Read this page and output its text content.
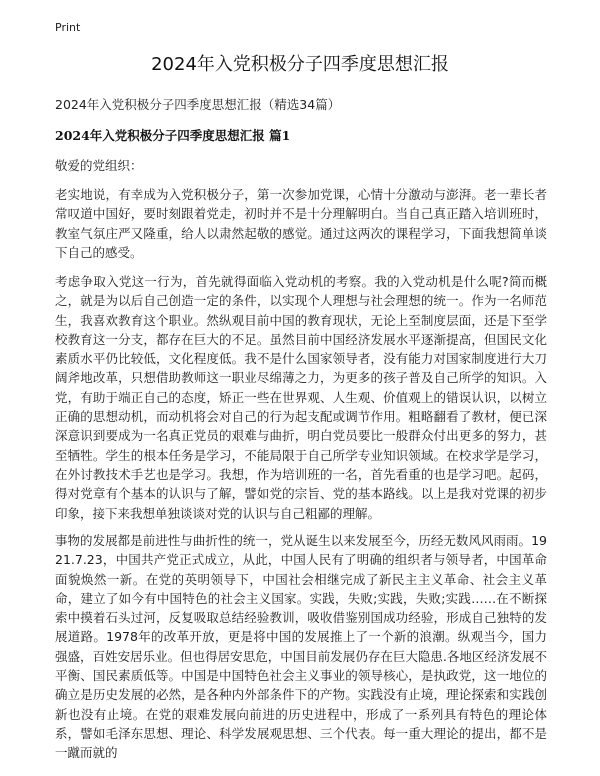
Print
2024年入党积极分子四季度思想汇报
2024年入党积极分子四季度思想汇报（精选34篇）
2024年入党积极分子四季度思想汇报 篇1
敬爱的党组织：
老实地说，有幸成为入党积极分子，第一次参加党课，心情十分激动与澎湃。老一辈长者常叹道中国好，要时刻跟着党走，初时并不是十分理解明白。当自己真正踏入培训班时，教室气氛庄严又隆重，给人以肃然起敬的感觉。通过这两次的课程学习，下面我想简单谈下自己的感受。
考虑争取入党这一行为，首先就得面临入党动机的考察。我的入党动机是什么呢?简而概之，就是为以后自己创造一定的条件，以实现个人理想与社会理想的统一。作为一名师范生，我喜欢教育这个职业。然纵观目前中国的教育现状，无论上至制度层面，还是下至学校教育这一分支，都存在巨大的不足。虽然目前中国经济发展水平逐渐提高，但国民文化素质水平仍比较低，文化程度低。我不是什么国家领导者，没有能力对国家制度进行大刀阔斧地改革，只想借助教师这一职业尽绵薄之力，为更多的孩子普及自己所学的知识。入党，有助于端正自己的态度，矫正一些在世界观、人生观、价值观上的错误认识，以树立正确的思想动机，而动机将会对自己的行为起支配或调节作用。粗略翻看了教材，便已深深意识到要成为一名真正党员的艰难与曲折，明白党员要比一般群众付出更多的努力，甚至牺牲。学生的根本任务是学习，不能局限于自己所学专业知识领域。在校求学是学习，在外讨教技术手艺也是学习。我想，作为培训班的一名，首先看重的也是学习吧。起码，得对党章有个基本的认识与了解，譬如党的宗旨、党的基本路线。以上是我对党课的初步印象，接下来我想单独谈谈对党的认识与自己粗鄙的理解。
事物的发展都是前进性与曲折性的统一，党从诞生以来发展至今，历经无数风风雨雨。1921.7.23，中国共产党正式成立，从此，中国人民有了明确的组织者与领导者，中国革命面貌焕然一新。在党的英明领导下，中国社会相继完成了新民主主义革命、社会主义革命，建立了如今有中国特色的社会主义国家。实践，失败;实践，失败;实践……在不断探索中摸着石头过河，反复吸取总结经验教训，吸收借鉴别国成功经验，形成自己独特的发展道路。1978年的改革开放，更是将中国的发展推上了一个新的浪潮。纵观当今，国力强盛，百姓安居乐业。但也得居安思危，中国目前发展仍存在巨大隐患.各地区经济发展不平衡、国民素质低等。中国是中国特色社会主义事业的领导核心，是执政党，这一地位的确立是历史发展的必然，是各种内外部条件下的产物。实践没有止境，理论探索和实践创新也没有止境。在党的艰难发展向前进的历史进程中，形成了一系列具有特色的理论体系，譬如毛泽东思想、理论、科学发展观思想、三个代表。每一重大理论的提出，都不是一蹴而就的
